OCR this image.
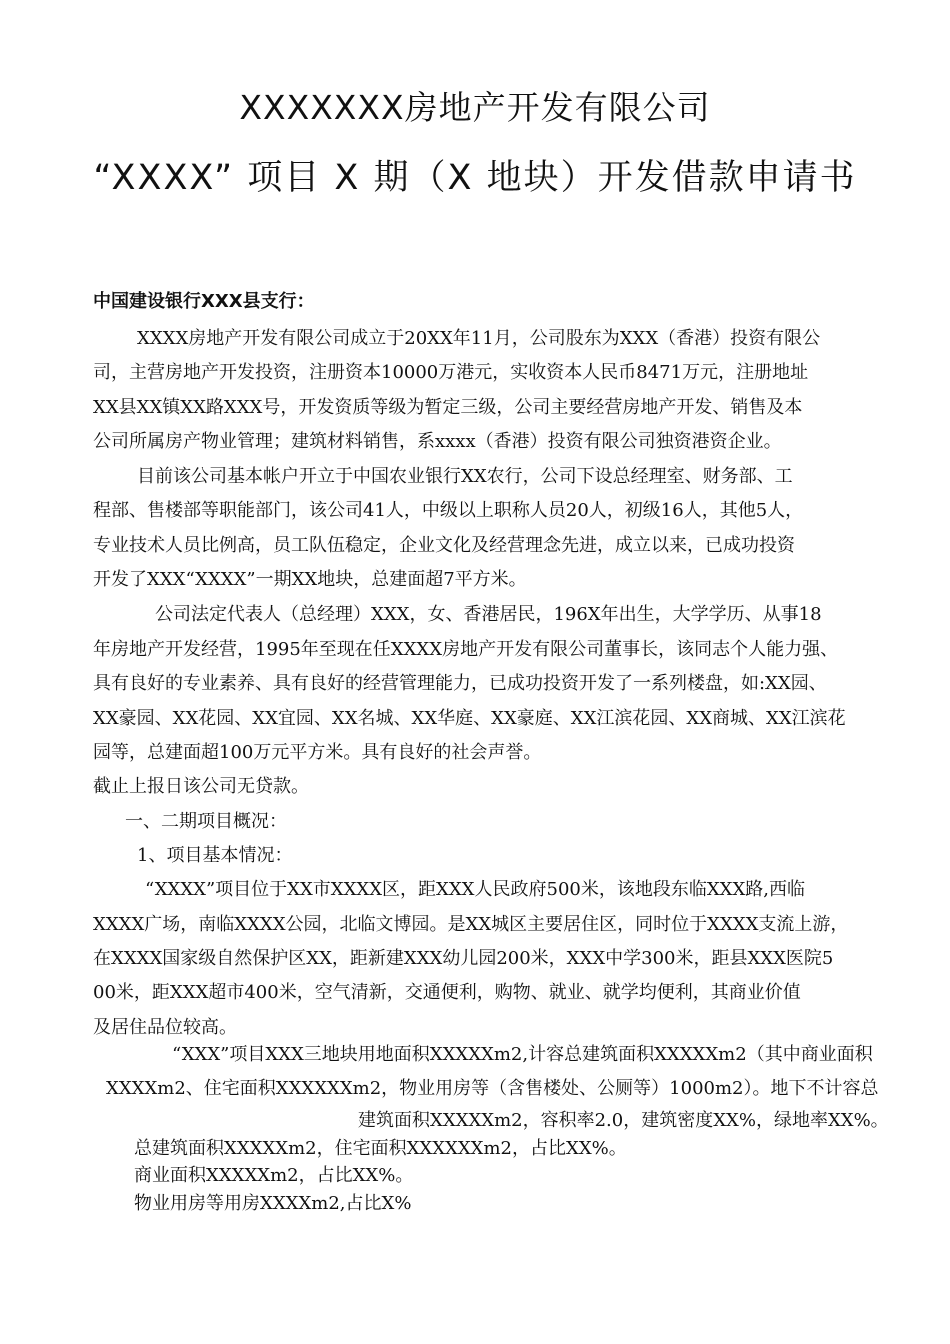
XXXXXXX房地产开发有限公司
“XXXX” 项目 X 期（X 地块）开发借款申请书
中国建设银行XXX县支行：
XXXX房地产开发有限公司成立于20XX年11月，公司股东为XXX（香港）投资有限公
司，主营房地产开发投资，注册资本10000万港元，实收资本人民币8471万元，注册地址
XX县XX镇XX路XXX号，开发资质等级为暂定三级，公司主要经营房地产开发、销售及本
公司所属房产物业管理；建筑材料销售，系xxxx（香港）投资有限公司独资港资企业。
目前该公司基本帐户开立于中国农业银行XX农行，公司下设总经理室、财务部、工
程部、售楼部等职能部门，该公司41人，中级以上职称人员20人，初级16人，其他5人，
专业技术人员比例高，员工队伍稳定，企业文化及经营理念先进，成立以来，已成功投资
开发了XXX“XXXX”一期XX地块，总建面超7平方米。
公司法定代表人（总经理）XXX，女、香港居民，196X年出生，大学学历、从事18
年房地产开发经营，1995年至现在任XXXX房地产开发有限公司董事长，该同志个人能力强、
具有良好的专业素养、具有良好的经营管理能力，已成功投资开发了一系列楼盘，如:XX园、
XX豪园、XX花园、XX宜园、XX名城、XX华庭、XX豪庭、XX江滨花园、XX商城、XX江滨花
园等，总建面超100万元平方米。具有良好的社会声誉。
截止上报日该公司无贷款。
一、二期项目概况：
1、项目基本情况：
“XXXX”项目位于XX市XXXX区，距XXX人民政府500米，该地段东临XXX路,西临
XXXX广场，南临XXXX公园，北临文博园。是XX城区主要居住区，同时位于XXXX支流上游，
在XXXX国家级自然保护区XX，距新建XXX幼儿园200米，XXX中学300米，距县XXX医院5
00米，距XXX超市400米，空气清新，交通便利，购物、就业、就学均便利，其商业价值
及居住品位较高。
“XXX”项目XXX三地块用地面积XXXXXm2,计容总建筑面积XXXXXm2（其中商业面积
XXXXm2、住宅面积XXXXXXm2，物业用房等（含售楼处、公厕等）1000m2）。地下不计容总
建筑面积XXXXXm2，容积率2.0，建筑密度XX%，绿地率XX%。
总建筑面积XXXXXm2，住宅面积XXXXXXm2，占比XX%。
商业面积XXXXXm2，占比XX%。
物业用房等用房XXXXm2,占比X%
